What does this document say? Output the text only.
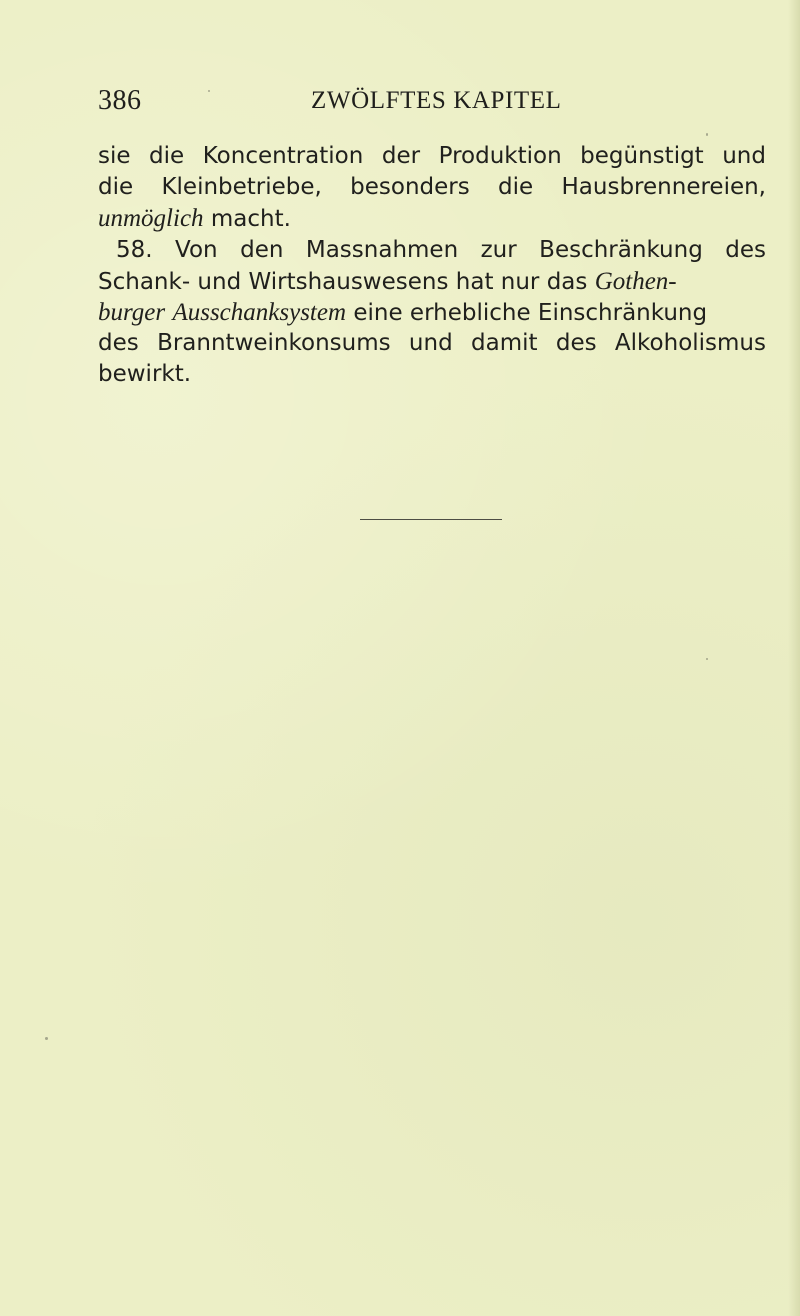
386	ZWÖLFTES KAPITEL
sie die Koncentration der Produktion begünstigt und
die Kleinbetriebe, besonders die Hausbrennereien,
unmöglich macht.
58. Von den Massnahmen zur Beschränkung des
Schank- und Wirtshauswesens hat nur das Gothen-
burger Ausschanksystem eine erhebliche Einschränkung
des Branntweinkonsums und damit des Alkoholismus
bewirkt.
